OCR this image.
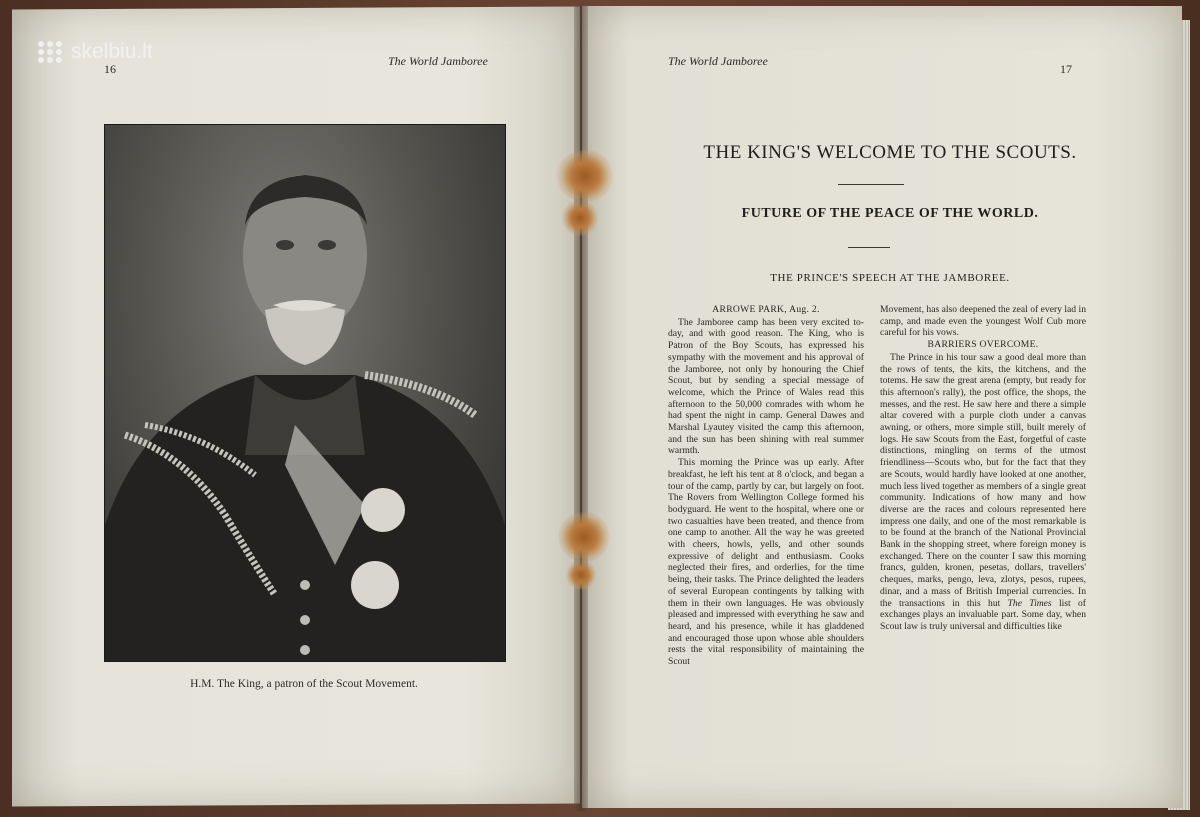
skelbiu.lt
16
The World Jamboree
H.M. The King, a patron of the Scout Movement.
The World Jamboree
17
THE KING'S WELCOME TO THE SCOUTS.
FUTURE OF THE PEACE OF THE WORLD.
THE PRINCE'S SPEECH AT THE JAMBOREE.

ARROWE PARK, Aug. 2.

The Jamboree camp has been very excited to-day, and with good reason. The King, who is Patron of the Boy Scouts, has expressed his sympathy with the movement and his approval of the Jamboree, not only by honouring the Chief Scout, but by sending a special message of welcome, which the Prince of Wales read this afternoon to the 50,000 comrades with whom he had spent the night in camp. General Dawes and Marshal Lyautey visited the camp this afternoon, and the sun has been shining with real summer warmth.

This morning the Prince was up early. After breakfast, he left his tent at 8 o'clock, and began a tour of the camp, partly by car, but largely on foot. The Rovers from Wellington College formed his bodyguard. He went to the hospital, where one or two casualties have been treated, and thence from one camp to another. All the way he was greeted with cheers, howls, yells, and other sounds expressive of delight and enthusiasm. Cooks neglected their fires, and orderlies, for the time being, their tasks. The Prince delighted the leaders of several European contingents by talking with them in their own languages. He was obviously pleased and impressed with everything he saw and heard, and his presence, while it has gladdened and encouraged those upon whose able shoulders rests the vital responsibility of maintaining the Scout

Movement, has also deepened the zeal of every lad in camp, and made even the youngest Wolf Cub more careful for his vows.

BARRIERS OVERCOME.

The Prince in his tour saw a good deal more than the rows of tents, the kits, the kitchens, and the totems. He saw the great arena (empty, but ready for this afternoon's rally), the post office, the shops, the messes, and the rest. He saw here and there a simple altar covered with a purple cloth under a canvas awning, or others, more simple still, built merely of logs. He saw Scouts from the East, forgetful of caste distinctions, mingling on terms of the utmost friendliness—Scouts who, but for the fact that they are Scouts, would hardly have looked at one another, much less lived together as members of a single great community. Indications of how many and how diverse are the races and colours represented here impress one daily, and one of the most remarkable is to be found at the branch of the National Provincial Bank in the shopping street, where foreign money is exchanged. There on the counter I saw this morning francs, gulden, kronen, pesetas, dollars, travellers' cheques, marks, pengo, leva, zlotys, pesos, rupees, dinar, and a mass of British Imperial currencies. In the transactions in this hut The Times list of exchanges plays an invaluable part. Some day, when Scout law is truly universal and difficulties like
